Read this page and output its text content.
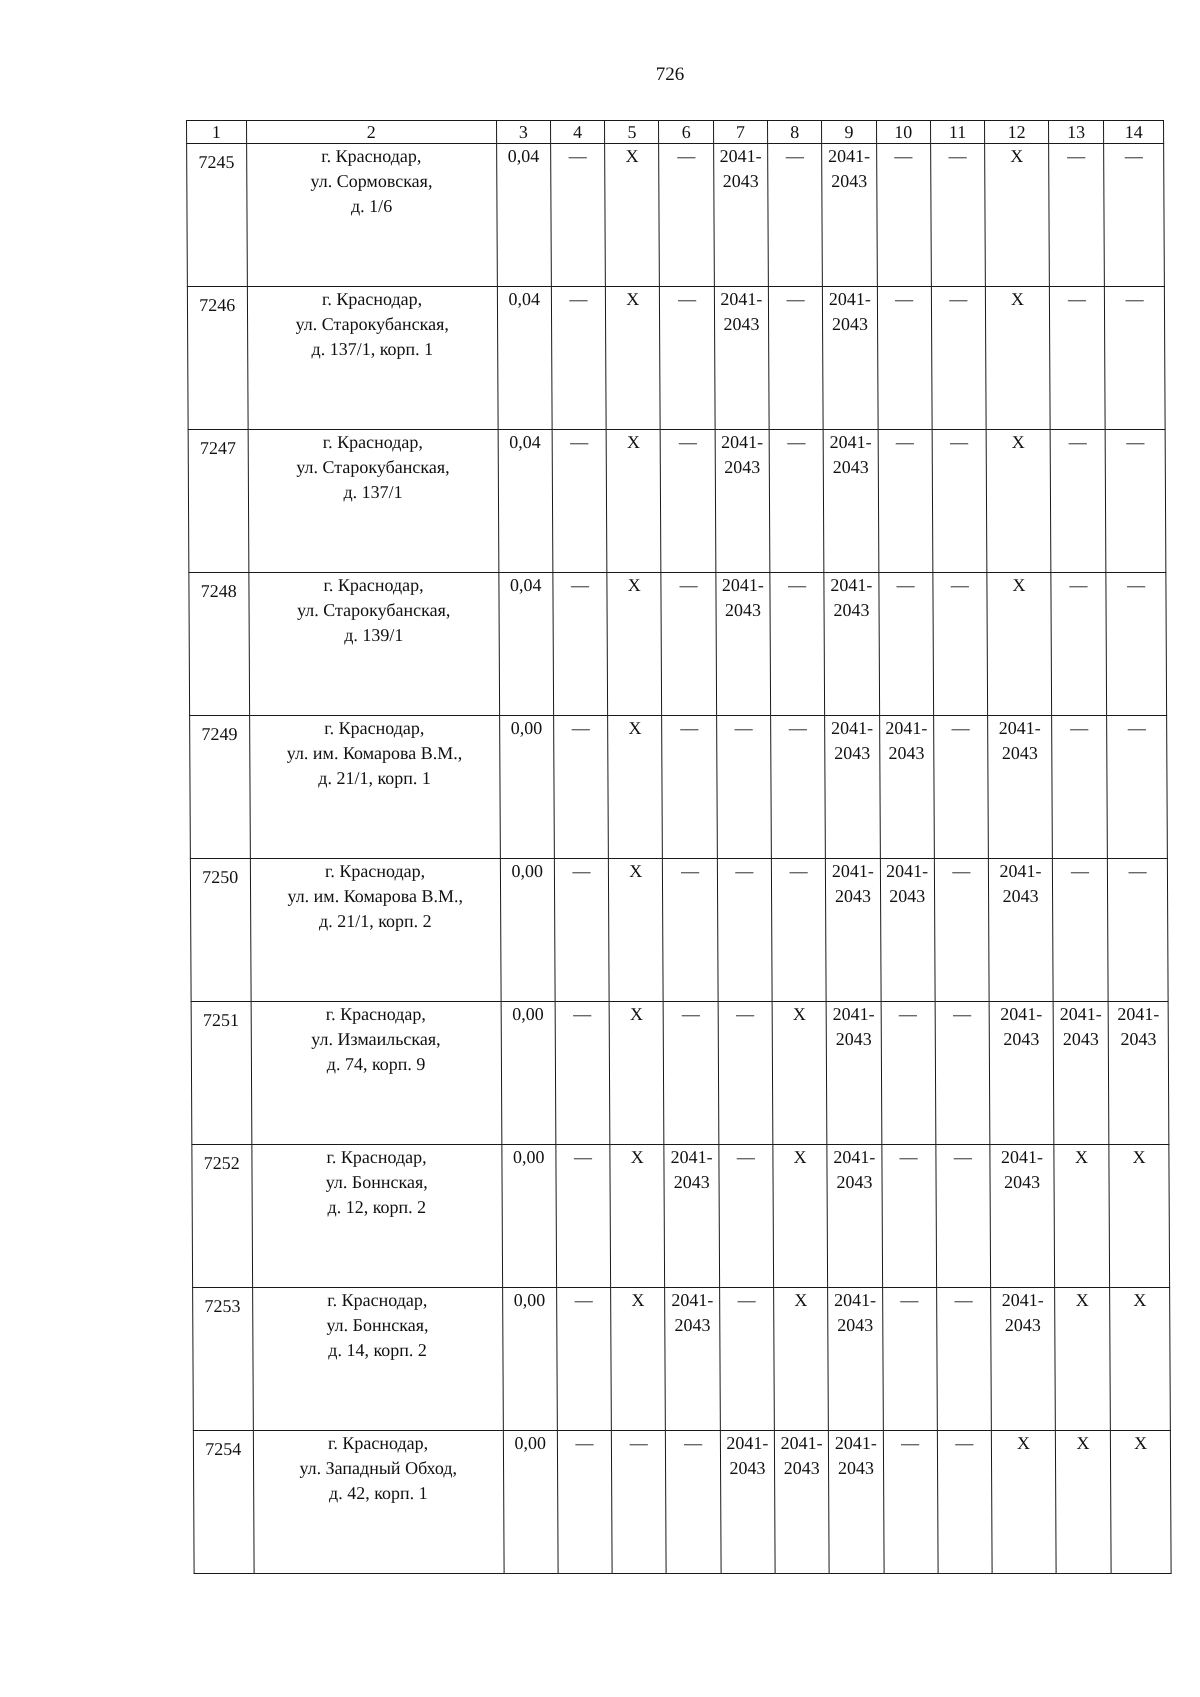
726
1	2	3	4	5	6	7	8	9	10	11	12	13	14
7245	г. Краснодар,
ул. Сормовская,
д. 1/6	0,04	—	X	—	2041-2043	—	2041-2043	—	—	X	—	—
7246	г. Краснодар,
ул. Старокубанская,
д. 137/1, корп. 1	0,04	—	X	—	2041-2043	—	2041-2043	—	—	X	—	—
7247	г. Краснодар,
ул. Старокубанская,
д. 137/1	0,04	—	X	—	2041-2043	—	2041-2043	—	—	X	—	—
7248	г. Краснодар,
ул. Старокубанская,
д. 139/1	0,04	—	X	—	2041-2043	—	2041-2043	—	—	X	—	—
7249	г. Краснодар,
ул. им. Комарова В.М.,
д. 21/1, корп. 1	0,00	—	X	—	—	—	2041-2043	2041-2043	—	2041-2043	—	—
7250	г. Краснодар,
ул. им. Комарова В.М.,
д. 21/1, корп. 2	0,00	—	X	—	—	—	2041-2043	2041-2043	—	2041-2043	—	—
7251	г. Краснодар,
ул. Измаильская,
д. 74, корп. 9	0,00	—	X	—	—	X	2041-2043	—	—	2041-2043	2041-2043	2041-2043
7252	г. Краснодар,
ул. Боннская,
д. 12, корп. 2	0,00	—	X	2041-2043	—	X	2041-2043	—	—	2041-2043	X	X
7253	г. Краснодар,
ул. Боннская,
д. 14, корп. 2	0,00	—	X	2041-2043	—	X	2041-2043	—	—	2041-2043	X	X
7254	г. Краснодар,
ул. Западный Обход,
д. 42, корп. 1	0,00	—	—	—	2041-2043	2041-2043	2041-2043	—	—	X	X	X
